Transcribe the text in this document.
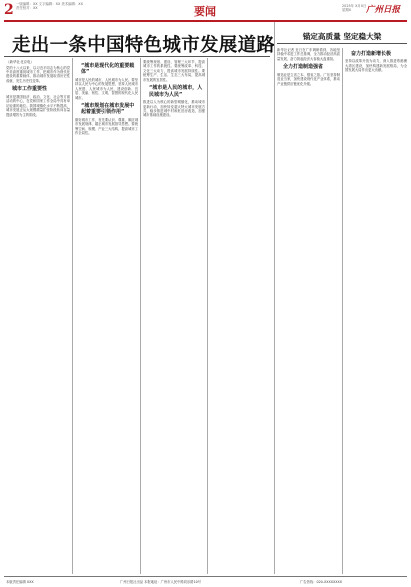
2 一版编辑：XX 文字编辑：XX 美术编辑：XX 责任校对：XX	要闻	2025年 X月X日 星期X	广州日报
走出一条中国特色城市发展道路

（新华社北京电）

党的十八大以来，以习近平同志为核心的党中央高度重视城市工作，把城市作为现代化建设的重要载体，推动城市发展取得历史性成就、发生历史性变革。

城市工作重要性

城市是我国经济、政治、文化、社会等方面活动的中心，在党和国家工作全局中具有举足轻重的地位。我国城镇化水平不断提高，城市发展正从大规模增量扩张阶段转向存量提质增效为主的阶段。

“城市是现代化的重要载体”

城市是人民的城市，人民城市为人民。要坚持以人民为中心的发展思想，坚持人民城市人民建、人民城市为人民，建设创新、宜居、美丽、韧性、文明、智慧的现代化人民城市。

“城市规划在城市发展中起着重要引领作用”

做好城市工作，首先要认识、尊重、顺应城市发展规律，端正城市发展指导思想。要统筹空间、规模、产业三大结构，提高城市工作全局性。

要统筹规划、建设、管理三大环节，提高城市工作的系统性。要统筹改革、科技、文化三大动力，提高城市发展持续性。要统筹生产、生活、生态三大布局，提高城市发展的宜居性。

“城市是人民的城市，人民城市为人民”

推进以人为核心的新型城镇化，推动城市更新行动，加快转变超大特大城市发展方式，稳步推进城中村和危旧房改造，加强城市基础设施建设。

锚定高质量 坚定稳大梁

新华社记者 近日在广东调研看到，各地坚持稳中求进工作总基调，全力推动经济高质量发展，奋力挑起经济大省稳大盘重担。

全力打造制造强省

制造业是立省之本、强省之基。广东坚持制造业当家，加快建设现代化产业体系，推动产业链供应链优化升级。

奋力打造新增长极

坚持以改革开放为动力，深入推进粤港澳大湾区建设，加快构建新发展格局，为全国发展大局作出更大贡献。

本版责任编辑 XXX	广州日报社出品 本报地址：广州市人民中路同乐路10号	广告热线：020-XXXXXXXX
